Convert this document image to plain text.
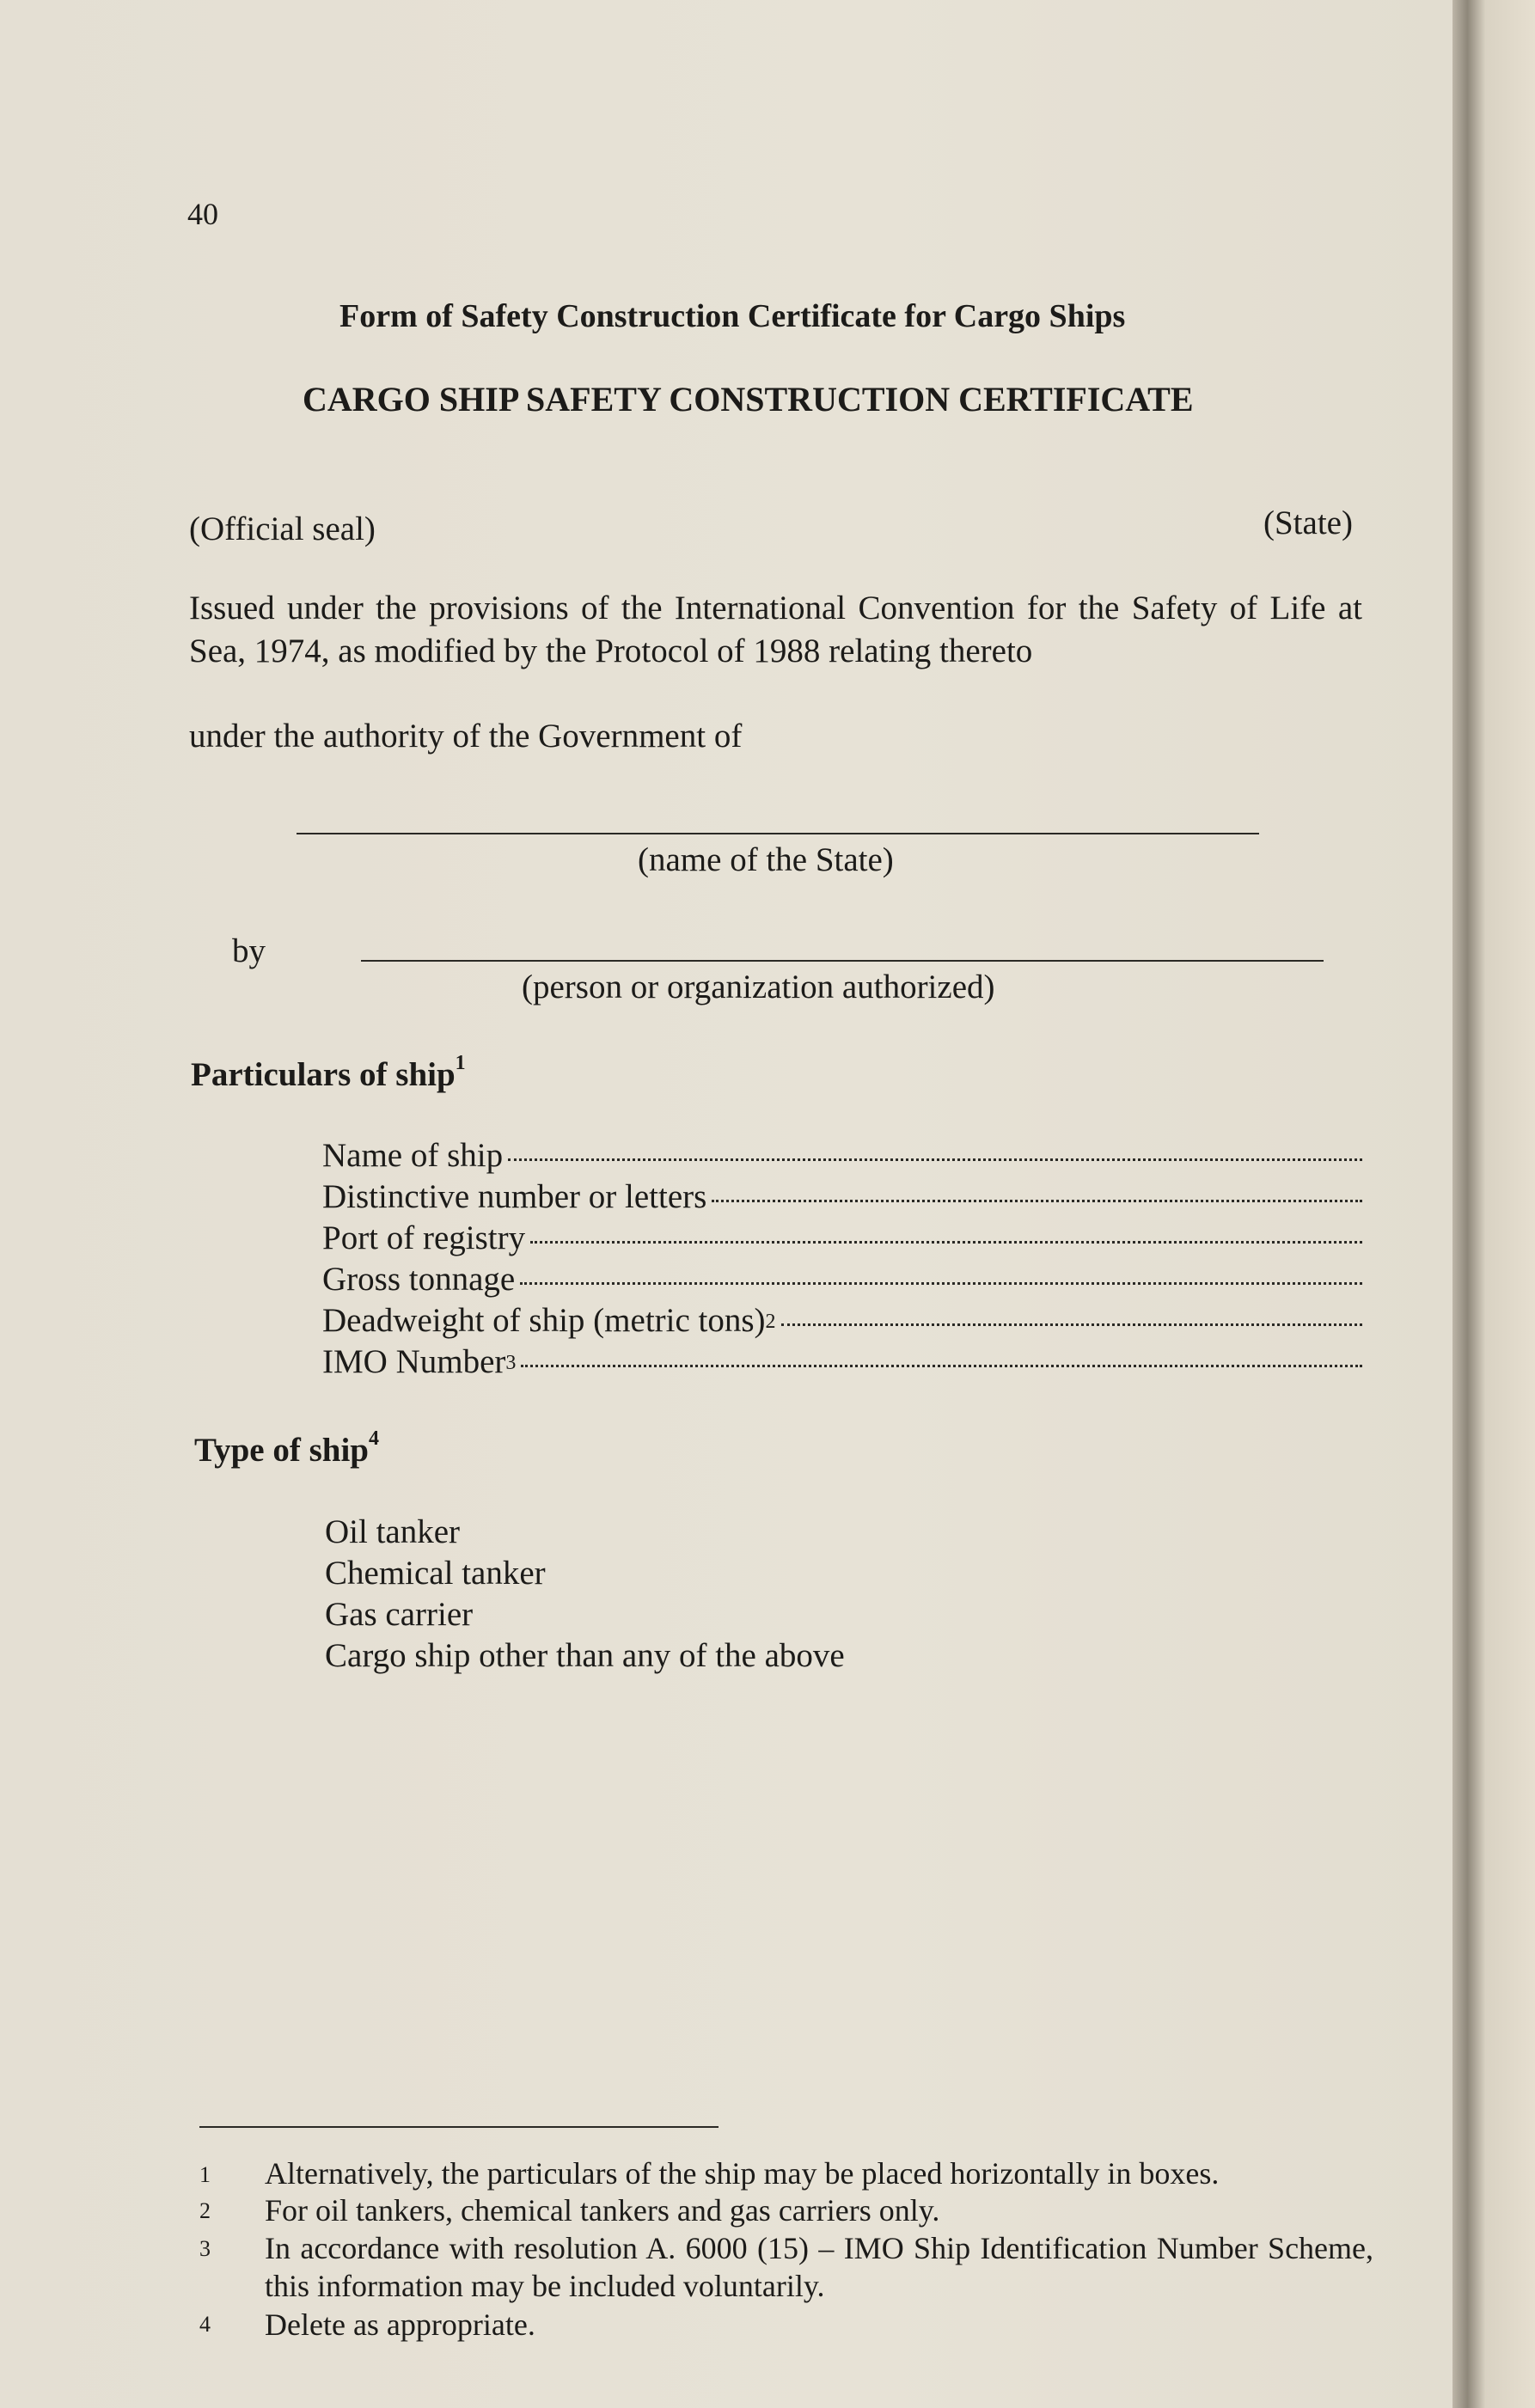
40
Form of Safety Construction Certificate for Cargo Ships
CARGO SHIP SAFETY CONSTRUCTION CERTIFICATE
(Official seal)	(State)
Issued under the provisions of the International Convention for the Safety of Life at Sea, 1974, as modified by the Protocol of 1988 relating thereto
under the authority of the Government of
(name of the State)
by
(person or organization authorized)
Particulars of ship$^1$
Name of ship
Distinctive number or letters
Port of registry
Gross tonnage
Deadweight of ship (metric tons)$^2$
IMO Number$^3$
Type of ship$^4$
Oil tanker
Chemical tanker
Gas carrier
Cargo ship other than any of the above
1 Alternatively, the particulars of the ship may be placed horizontally in boxes.
2 For oil tankers, chemical tankers and gas carriers only.
3 In accordance with resolution A. 6000 (15) – IMO Ship Identification Number Scheme, this information may be included voluntarily.
4 Delete as appropriate.
